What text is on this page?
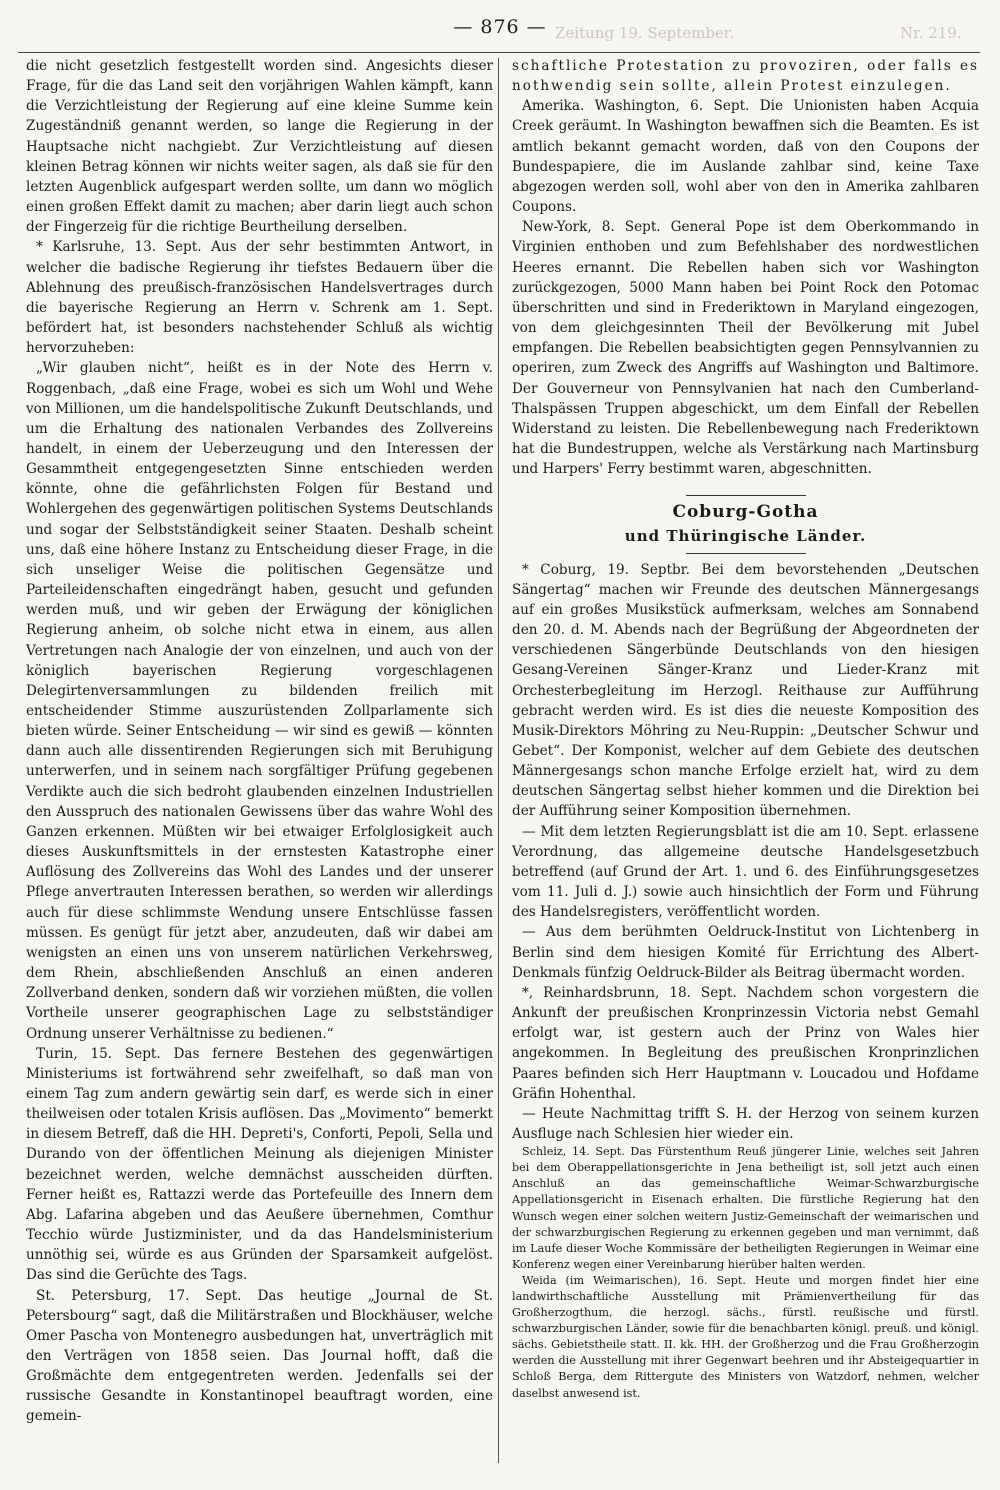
Zeitung 19. September.	Nr. 219.
— 876 —

die nicht gesetzlich festgestellt worden sind. Angesichts dieser Frage, für die das Land seit den vorjährigen Wahlen kämpft, kann die Verzichtleistung der Regierung auf eine kleine Summe kein Zugeständniß genannt werden, so lange die Regierung in der Hauptsache nicht nachgiebt. Zur Verzichtleistung auf diesen kleinen Betrag können wir nichts weiter sagen, als daß sie für den letzten Augenblick aufgespart werden sollte, um dann wo möglich einen großen Effekt damit zu machen; aber darin liegt auch schon der Fingerzeig für die richtige Beurtheilung derselben.

* Karlsruhe, 13. Sept. Aus der sehr bestimmten Antwort, in welcher die badische Regierung ihr tiefstes Bedauern über die Ablehnung des preußisch-französischen Handelsvertrages durch die bayerische Regierung an Herrn v. Schrenk am 1. Sept. befördert hat, ist besonders nachstehender Schluß als wichtig hervorzuheben:

„Wir glauben nicht“, heißt es in der Note des Herrn v. Roggenbach, „daß eine Frage, wobei es sich um Wohl und Wehe von Millionen, um die handelspolitische Zukunft Deutschlands, und um die Erhaltung des nationalen Verbandes des Zollvereins handelt, in einem der Ueberzeugung und den Interessen der Gesammtheit entgegengesetzten Sinne entschieden werden könnte, ohne die gefährlichsten Folgen für Bestand und Wohlergehen des gegenwärtigen politischen Systems Deutschlands und sogar der Selbstständigkeit seiner Staaten. Deshalb scheint uns, daß eine höhere Instanz zu Entscheidung dieser Frage, in die sich unseliger Weise die politischen Gegensätze und Parteileidenschaften eingedrängt haben, gesucht und gefunden werden muß, und wir geben der Erwägung der königlichen Regierung anheim, ob solche nicht etwa in einem, aus allen Vertretungen nach Analogie der von einzelnen, und auch von der königlich bayerischen Regierung vorgeschlagenen Delegirtenversammlungen zu bildenden freilich mit entscheidender Stimme auszurüstenden Zollparlamente sich bieten würde. Seiner Entscheidung — wir sind es gewiß — könnten dann auch alle dissentirenden Regierungen sich mit Beruhigung unterwerfen, und in seinem nach sorgfältiger Prüfung gegebenen Verdikte auch die sich bedroht glaubenden einzelnen Industriellen den Ausspruch des nationalen Gewissens über das wahre Wohl des Ganzen erkennen. Müßten wir bei etwaiger Erfolglosigkeit auch dieses Auskunftsmittels in der ernstesten Katastrophe einer Auflösung des Zollvereins das Wohl des Landes und der unserer Pflege anvertrauten Interessen berathen, so werden wir allerdings auch für diese schlimmste Wendung unsere Entschlüsse fassen müssen. Es genügt für jetzt aber, anzudeuten, daß wir dabei am wenigsten an einen uns von unserem natürlichen Verkehrsweg, dem Rhein, abschließenden Anschluß an einen anderen Zollverband denken, sondern daß wir vorziehen müßten, die vollen Vortheile unserer geographischen Lage zu selbstständiger Ordnung unserer Verhältnisse zu bedienen.“

Turin, 15. Sept. Das fernere Bestehen des gegenwärtigen Ministeriums ist fortwährend sehr zweifelhaft, so daß man von einem Tag zum andern gewärtig sein darf, es werde sich in einer theilweisen oder totalen Krisis auflösen. Das „Movimento“ bemerkt in diesem Betreff, daß die HH. Depreti's, Conforti, Pepoli, Sella und Durando von der öffentlichen Meinung als diejenigen Minister bezeichnet werden, welche demnächst ausscheiden dürften. Ferner heißt es, Rattazzi werde das Portefeuille des Innern dem Abg. Lafarina abgeben und das Aeußere übernehmen, Comthur Tecchio würde Justizminister, und da das Handelsministerium unnöthig sei, würde es aus Gründen der Sparsamkeit aufgelöst. Das sind die Gerüchte des Tags.

St. Petersburg, 17. Sept. Das heutige „Journal de St. Petersbourg“ sagt, daß die Militärstraßen und Blockhäuser, welche Omer Pascha von Montenegro ausbedungen hat, unverträglich mit den Verträgen von 1858 seien. Das Journal hofft, daß die Großmächte dem entgegentreten werden. Jedenfalls sei der russische Gesandte in Konstantinopel beauftragt worden, eine gemein-

schaftliche Protestation zu provoziren, oder falls es nothwendig sein sollte, allein Protest einzulegen.

Amerika. Washington, 6. Sept. Die Unionisten haben Acquia Creek geräumt. In Washington bewaffnen sich die Beamten. Es ist amtlich bekannt gemacht worden, daß von den Coupons der Bundespapiere, die im Auslande zahlbar sind, keine Taxe abgezogen werden soll, wohl aber von den in Amerika zahlbaren Coupons.

New-York, 8. Sept. General Pope ist dem Oberkommando in Virginien enthoben und zum Befehlshaber des nordwestlichen Heeres ernannt. Die Rebellen haben sich vor Washington zurückgezogen, 5000 Mann haben bei Point Rock den Potomac überschritten und sind in Frederiktown in Maryland eingezogen, von dem gleichgesinnten Theil der Bevölkerung mit Jubel empfangen. Die Rebellen beabsichtigten gegen Pennsylvannien zu operiren, zum Zweck des Angriffs auf Washington und Baltimore. Der Gouverneur von Pennsylvanien hat nach den Cumberland-Thalspässen Truppen abgeschickt, um dem Einfall der Rebellen Widerstand zu leisten. Die Rebellenbewegung nach Frederiktown hat die Bundestruppen, welche als Verstärkung nach Martinsburg und Harpers' Ferry bestimmt waren, abgeschnitten.

Coburg-Gotha
und Thüringische Länder.

* Coburg, 19. Septbr. Bei dem bevorstehenden „Deutschen Sängertag“ machen wir Freunde des deutschen Männergesangs auf ein großes Musikstück aufmerksam, welches am Sonnabend den 20. d. M. Abends nach der Begrüßung der Abgeordneten der verschiedenen Sängerbünde Deutschlands von den hiesigen Gesang-Vereinen Sänger-Kranz und Lieder-Kranz mit Orchesterbegleitung im Herzogl. Reithause zur Aufführung gebracht werden wird. Es ist dies die neueste Komposition des Musik-Direktors Möhring zu Neu-Ruppin: „Deutscher Schwur und Gebet“. Der Komponist, welcher auf dem Gebiete des deutschen Männergesangs schon manche Erfolge erzielt hat, wird zu dem deutschen Sängertag selbst hieher kommen und die Direktion bei der Aufführung seiner Komposition übernehmen.

— Mit dem letzten Regierungsblatt ist die am 10. Sept. erlassene Verordnung, das allgemeine deutsche Handelsgesetzbuch betreffend (auf Grund der Art. 1. und 6. des Einführungsgesetzes vom 11. Juli d. J.) sowie auch hinsichtlich der Form und Führung des Handelsregisters, veröffentlicht worden.

— Aus dem berühmten Oeldruck-Institut von Lichtenberg in Berlin sind dem hiesigen Komité für Errichtung des Albert-Denkmals fünfzig Oeldruck-Bilder als Beitrag übermacht worden.

*, Reinhardsbrunn, 18. Sept. Nachdem schon vorgestern die Ankunft der preußischen Kronprinzessin Victoria nebst Gemahl erfolgt war, ist gestern auch der Prinz von Wales hier angekommen. In Begleitung des preußischen Kronprinzlichen Paares befinden sich Herr Hauptmann v. Loucadou und Hofdame Gräfin Hohenthal.

— Heute Nachmittag trifft S. H. der Herzog von seinem kurzen Ausfluge nach Schlesien hier wieder ein.

Schleiz, 14. Sept. Das Fürstenthum Reuß jüngerer Linie, welches seit Jahren bei dem Oberappellationsgerichte in Jena betheiligt ist, soll jetzt auch einen Anschluß an das gemeinschaftliche Weimar-Schwarzburgische Appellationsgericht in Eisenach erhalten. Die fürstliche Regierung hat den Wunsch wegen einer solchen weitern Justiz-Gemeinschaft der weimarischen und der schwarzburgischen Regierung zu erkennen gegeben und man vernimmt, daß im Laufe dieser Woche Kommissäre der betheiligten Regierungen in Weimar eine Konferenz wegen einer Vereinbarung hierüber halten werden.

Weida (im Weimarischen), 16. Sept. Heute und morgen findet hier eine landwirthschaftliche Ausstellung mit Prämienvertheilung für das Großherzogthum, die herzogl. sächs., fürstl. reußische und fürstl. schwarzburgischen Länder, sowie für die benachbarten königl. preuß. und königl. sächs. Gebietstheile statt. II. kk. HH. der Großherzog und die Frau Großherzogin werden die Ausstellung mit ihrer Gegenwart beehren und ihr Absteigequartier in Schloß Berga, dem Rittergute des Ministers von Watzdorf, nehmen, welcher daselbst anwesend ist.
